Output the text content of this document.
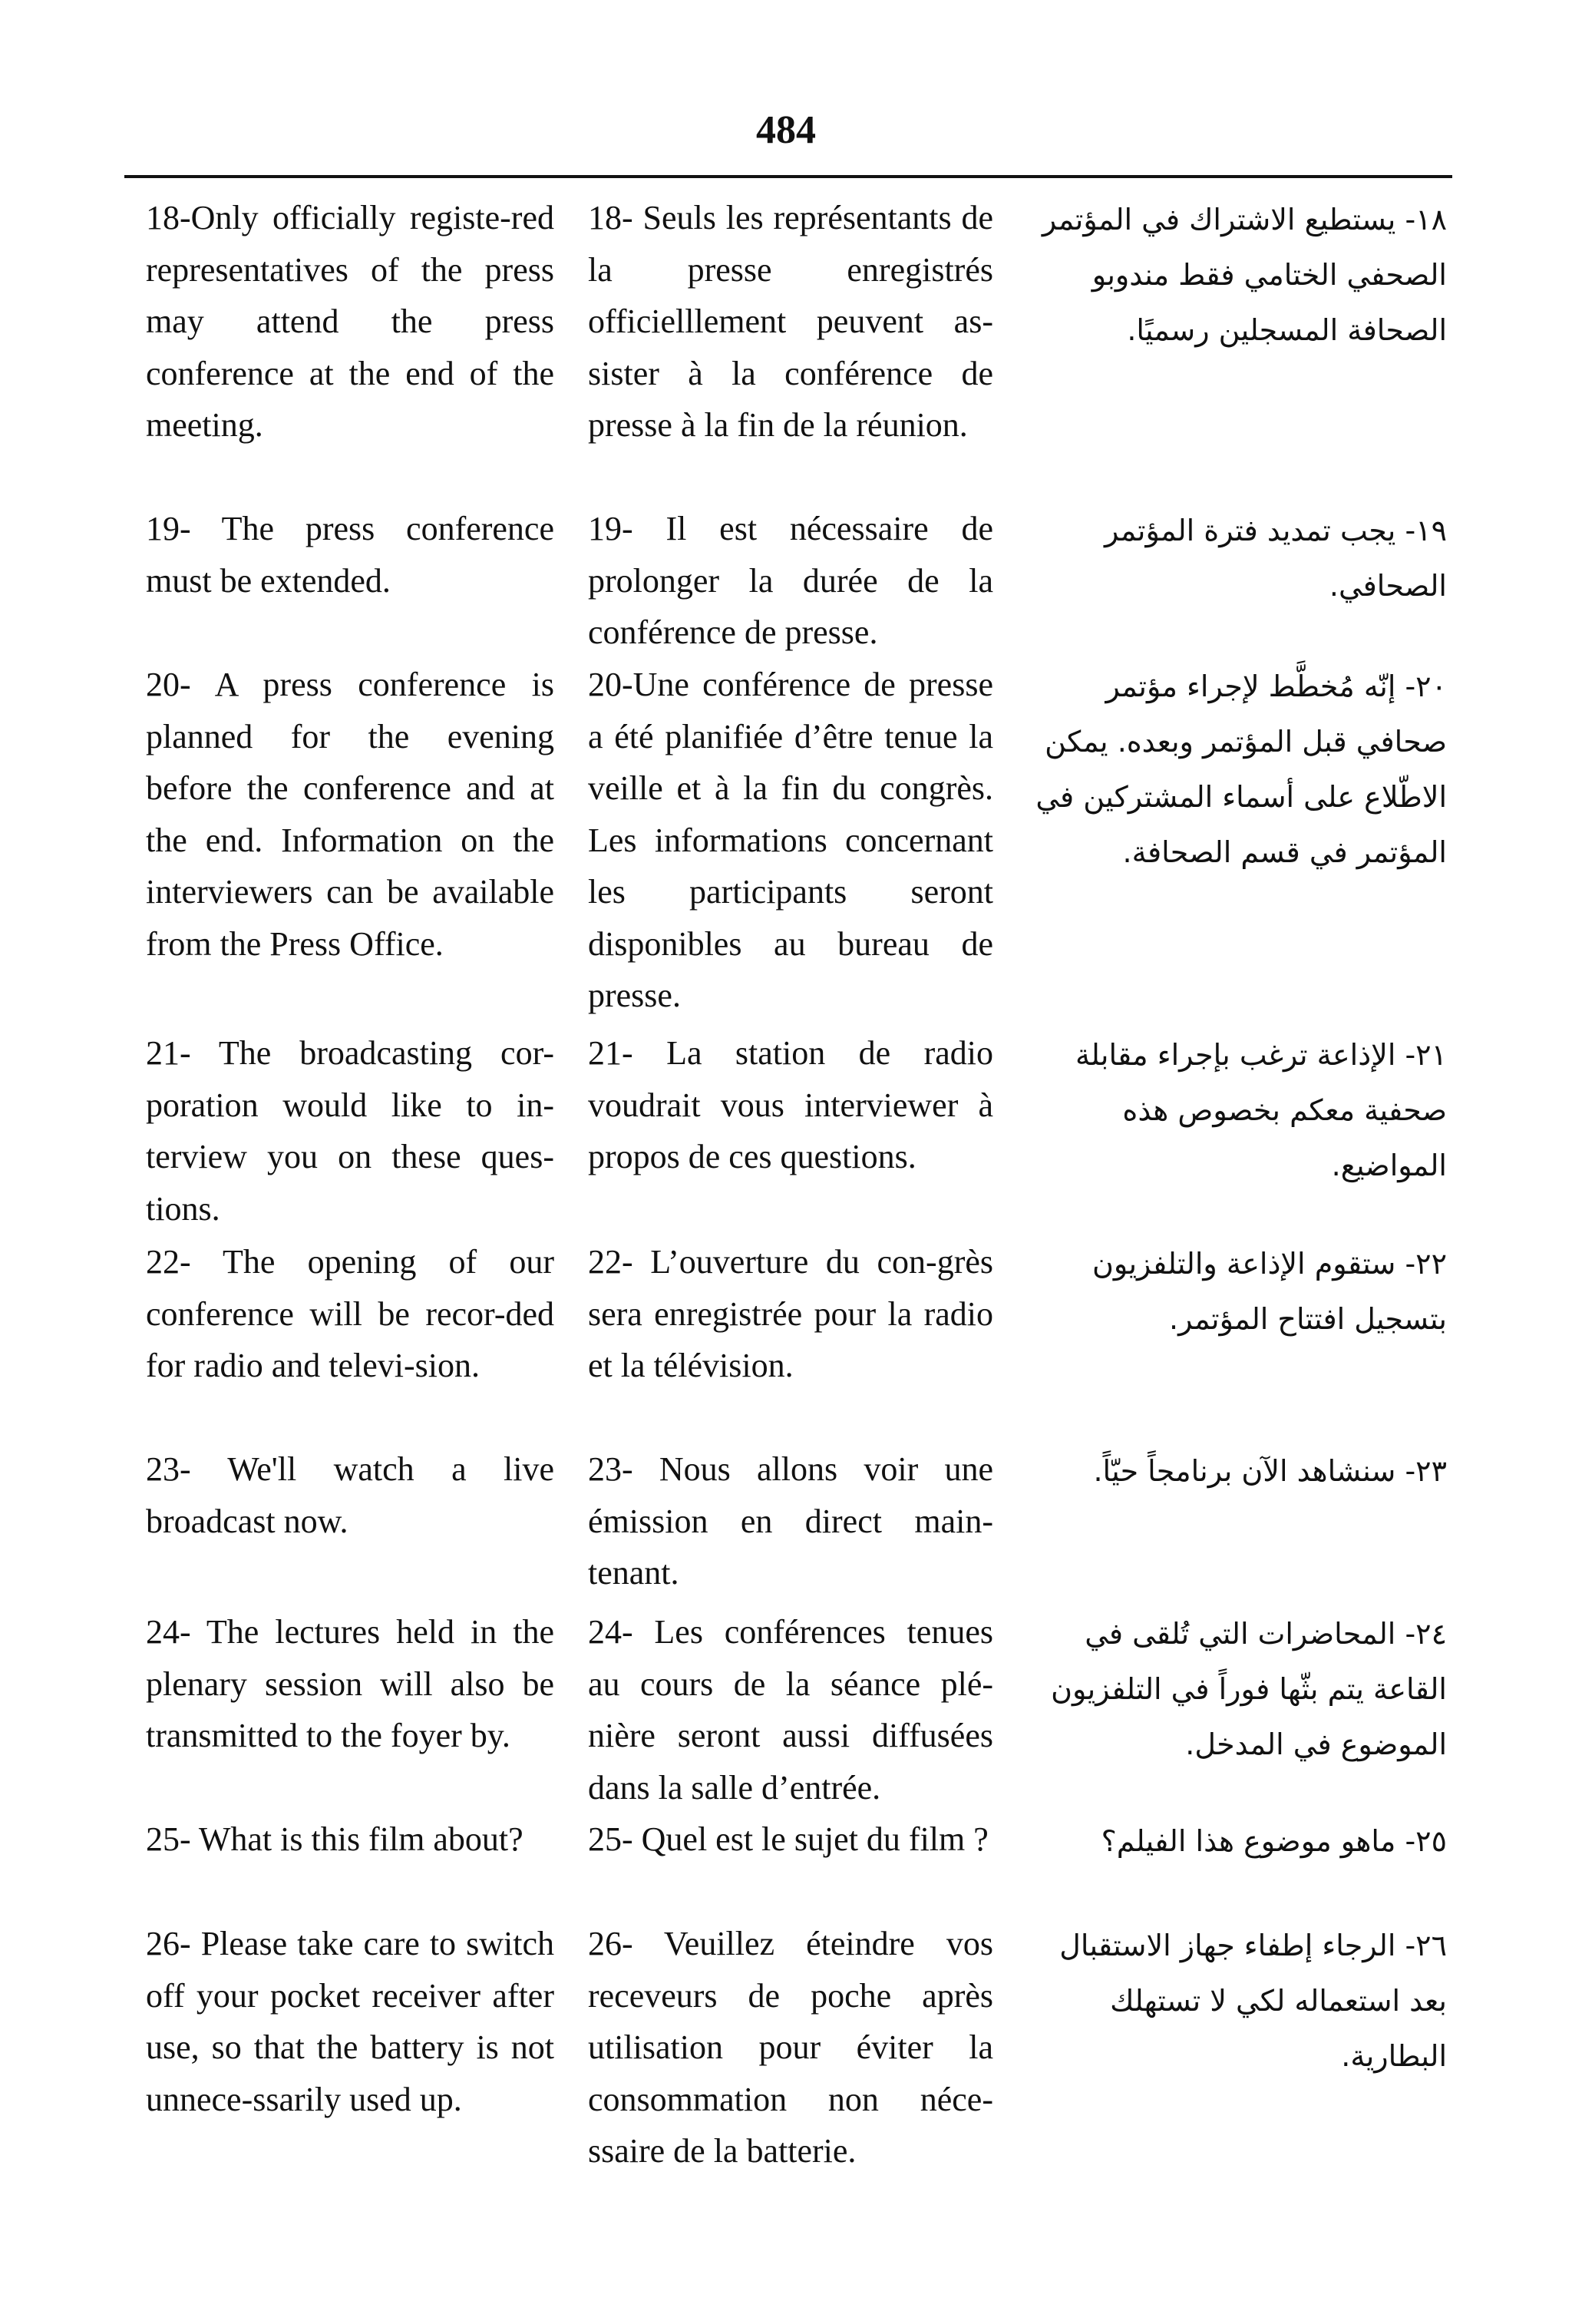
484
18-Only officially registe-red representatives of the press may attend the press conference at the end of the meeting.
18- Seuls les représentants de la presse enregistrés officielllement peuvent as-sister à la conférence de presse à la fin de la réunion.
١٨- يستطيع الاشتراك في المؤتمر الصحفي الختامي فقط مندوبو الصحافة المسجلين رسميًا.
19- The press conference must be extended.
19- Il est nécessaire de prolonger la durée de la conférence de presse.
١٩- يجب تمديد فترة المؤتمر الصحافي.
20- A press conference is planned for the evening before the conference and at the end. Information on the interviewers can be available from the Press Office.
20-Une conférence de presse a été planifiée d’être tenue la veille et à la fin du congrès. Les informations concernant les participants seront disponibles au bureau de presse.
٢٠- إنّه مُخطَّط لإجراء مؤتمر صحافي قبل المؤتمر وبعده. يمكن الاطّلاع على أسماء المشتركين في المؤتمر في قسم الصحافة.
21- The broadcasting cor-poration would like to in-terview you on these ques-tions.
21- La station de radio voudrait vous interviewer à propos de ces questions.
٢١- الإذاعة ترغب بإجراء مقابلة صحفية معكم بخصوص هذه المواضيع.
22- The opening of our conference will be recor-ded for radio and televi-sion.
22- L’ouverture du con-grès sera enregistrée pour la radio et la télévision.
٢٢- ستقوم الإذاعة والتلفزيون بتسجيل افتتاح المؤتمر.
23- We'll watch a live broadcast now.
23- Nous allons voir une émission en direct main-tenant.
٢٣- سنشاهد الآن برنامجاً حيّاً.
24- The lectures held in the plenary session will also be transmitted to the foyer by.
24- Les conférences tenues au cours de la séance plé-nière seront aussi diffusées dans la salle d’entrée.
٢٤- المحاضرات التي تُلقى في القاعة يتم بثّها فوراً في التلفزيون الموضوع في المدخل.
25- What is this film about?	25- Quel est le sujet du film ?	٢٥- ماهو موضوع هذا الفيلم؟
26- Please take care to switch off your pocket receiver after use, so that the battery is not unnece-ssarily used up.
26- Veuillez éteindre vos receveurs de poche après utilisation pour éviter la consommation non néce-ssaire de la batterie.
٢٦- الرجاء إطفاء جهاز الاستقبال بعد استعماله لكي لا تستهلك البطارية.
